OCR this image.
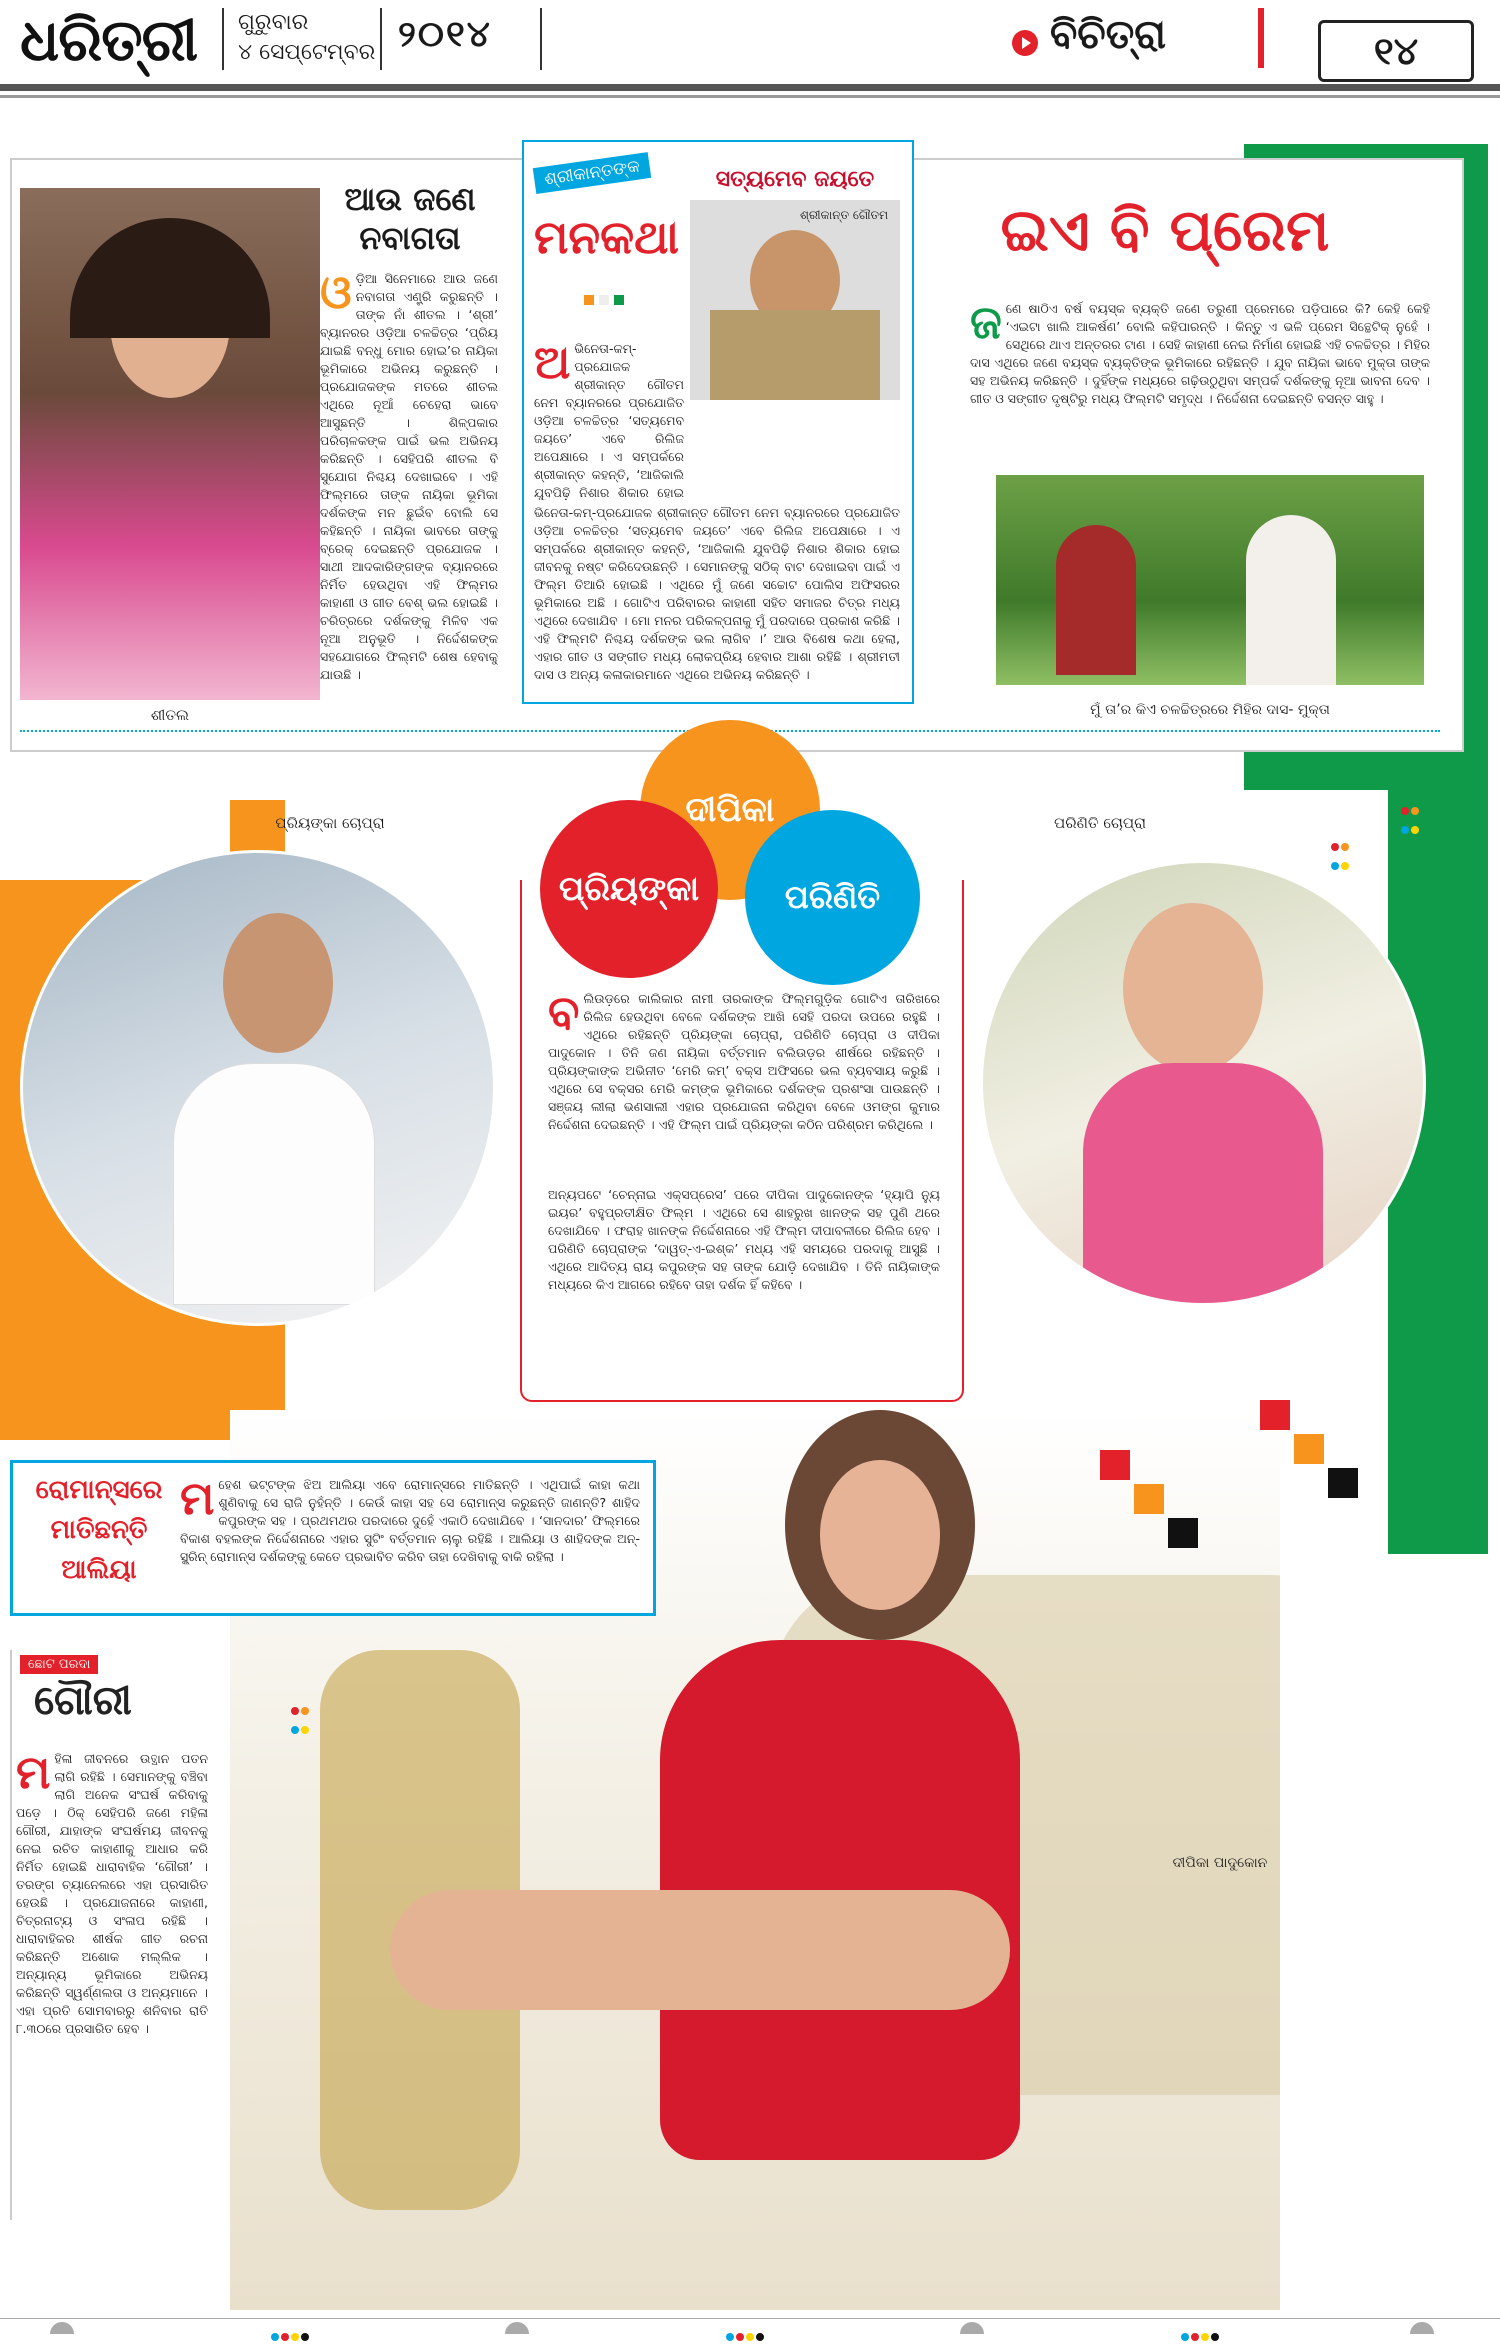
ଧରିତ୍ରୀ ଗୁରୁବାର
୪ ସେପ୍ଟେମ୍ବର ୨୦୧୪	ବିଚିତ୍ରା	୧୪
ଶୀତଲ
ଆଉ ଜଣେ
ନବାଗତା
ଓ ଡ଼ିଆ ସିନେମାରେ ଆଉ ଜଣେ ନବାଗତା ଏଣ୍ଟ୍ରି କରୁଛନ୍ତି । ତାଙ୍କ ନାଁ ଶୀତଲ । ‘ଶ୍ରୀ’ ବ୍ୟାନରର ଓଡ଼ିଆ ଚଳଚ୍ଚିତ୍ର ‘ପ୍ରିୟ ଯାଇଛି ବନ୍ଧୁ ମୋର ହୋଇ’ର ନାୟିକା ଭୂମିକାରେ ଅଭିନୟ କରୁଛନ୍ତି । ପ୍ରଯୋଜକଙ୍କ ମତରେ ଶୀତଲ ଏଥିରେ ନୂଆଁ ଚେହେରା ଭାବେ ଆସୁଛନ୍ତି । ଶିଳ୍ପକାର ପରିଚାଳକଙ୍କ ପାଇଁ ଭଲ ଅଭିନୟ କରିଛନ୍ତି । ସେହିପରି ଶୀତଲ ବି ସୁଯୋଗ ନିଶ୍ଚୟ ଦେଖାଇବେ । ଏହି ଫିଲ୍ମରେ ତାଙ୍କ ନାୟିକା ଭୂମିକା ଦର୍ଶକଙ୍କ ମନ ଛୁଇଁବ ବୋଲି ସେ କହିଛନ୍ତି । ନାୟିକା ଭାବରେ ତାଙ୍କୁ ବ୍ରେକ୍ ଦେଇଛନ୍ତି ପ୍ରଯୋଜକ । ସାଥୀ ଆଦକାରିଙ୍ଗଙ୍କ ବ୍ୟାନରରେ ନିର୍ମିତ ହେଉଥିବା ଏହି ଫିଲ୍ମର କାହାଣୀ ଓ ଗୀତ ବେଶ୍ ଭଲ ହୋଇଛି । ଚରିତ୍ରରେ ଦର୍ଶକଙ୍କୁ ମିଳିବ ଏକ ନୂଆ ଅନୁଭୂତି । ନିର୍ଦ୍ଦେଶକଙ୍କ ସହଯୋଗରେ ଫିଲ୍ମଟି ଶେଷ ହେବାକୁ ଯାଉଛି ।
ଶ୍ରୀକାନ୍ତଙ୍କ
ମନକଥା

ସତ୍ୟମେବ ଜୟତେ
ଶ୍ରୀକାନ୍ତ ଗୌତମ
ଅ ଭିନେତା-କମ୍-ପ୍ରଯୋଜକ ଶ୍ରୀକାନ୍ତ ଗୌତମ ନେମ ବ୍ୟାନରରେ ପ୍ରଯୋଜିତ ଓଡ଼ିଆ ଚଳଚ୍ଚିତ୍ର ‘ସତ୍ୟମେବ ଜୟତେ’ ଏବେ ରିଲିଜ ଅପେକ୍ଷାରେ । ଏ ସମ୍ପର୍କରେ ଶ୍ରୀକାନ୍ତ କହନ୍ତି, ‘ଆଜିକାଲି ଯୁବପିଢ଼ି ନିଶାର ଶିକାର ହୋଇ
ଭିନେତା-କମ୍-ପ୍ରଯୋଜକ ଶ୍ରୀକାନ୍ତ ଗୌତମ ନେମ ବ୍ୟାନରରେ ପ୍ରଯୋଜିତ ଓଡ଼ିଆ ଚଳଚ୍ଚିତ୍ର ‘ସତ୍ୟମେବ ଜୟତେ’ ଏବେ ରିଲିଜ ଅପେକ୍ଷାରେ । ଏ ସମ୍ପର୍କରେ ଶ୍ରୀକାନ୍ତ କହନ୍ତି, ‘ଆଜିକାଲି ଯୁବପିଢ଼ି ନିଶାର ଶିକାର ହୋଇ ଜୀବନକୁ ନଷ୍ଟ କରିଦେଉଛନ୍ତି । ସେମାନଙ୍କୁ ସଠିକ୍ ବାଟ ଦେଖାଇବା ପାଇଁ ଏ ଫିଲ୍ମ ତିଆରି ହୋଇଛି । ଏଥିରେ ମୁଁ ଜଣେ ସଚ୍ଚୋଟ ପୋଲିସ ଅଫିସରର ଭୂମିକାରେ ଅଛି । ଗୋଟିଏ ପରିବାରର କାହାଣୀ ସହିତ ସମାଜର ଚିତ୍ର ମଧ୍ୟ ଏଥିରେ ଦେଖାଯିବ । ମୋ ମନର ପରିକଳ୍ପନାକୁ ମୁଁ ପରଦାରେ ପ୍ରକାଶ କରିଛି । ଏହି ଫିଲ୍ମଟି ନିଶ୍ଚୟ ଦର୍ଶକଙ୍କ ଭଲ ଲାଗିବ ।’ ଆଉ ବିଶେଷ କଥା ହେଲା, ଏହାର ଗୀତ ଓ ସଙ୍ଗୀତ ମଧ୍ୟ ଲୋକପ୍ରିୟ ହେବାର ଆଶା ରହିଛି । ଶ୍ରୀମତୀ ଦାସ ଓ ଅନ୍ୟ କଳାକାରମାନେ ଏଥିରେ ଅଭିନୟ କରିଛନ୍ତି ।
ଇଏ ବି ପ୍ରେମ
ଜ ଣେ ଷାଠିଏ ବର୍ଷ ବୟସ୍କ ବ୍ୟକ୍ତି ଜଣେ ତରୁଣୀ ପ୍ରେମରେ ପଡ଼ିପାରେ କି? କେହି କେହି ‘ଏଇଟା ଖାଲି ଆକର୍ଷଣ’ ବୋଲି କହିପାରନ୍ତି । କିନ୍ତୁ ଏ ଭଳି ପ୍ରେମ ସିନ୍ଥେଟିକ୍ ନୁହେଁ । ସେଥିରେ ଥାଏ ଅନ୍ତରର ଟାଣ । ସେହି କାହାଣୀ ନେଇ ନିର୍ମାଣ ହୋଇଛି ଏହି ଚଳଚ୍ଚିତ୍ର । ମିହିର ଦାସ ଏଥିରେ ଜଣେ ବୟସ୍କ ବ୍ୟକ୍ତିଙ୍କ ଭୂମିକାରେ ରହିଛନ୍ତି । ଯୁବ ନାୟିକା ଭାବେ ମୁକ୍ତା ତାଙ୍କ ସହ ଅଭିନୟ କରିଛନ୍ତି । ଦୁହିଁଙ୍କ ମଧ୍ୟରେ ଗଢ଼ିଉଠୁଥିବା ସମ୍ପର୍କ ଦର୍ଶକଙ୍କୁ ନୂଆ ଭାବନା ଦେବ । ଗୀତ ଓ ସଙ୍ଗୀତ ଦୃଷ୍ଟିରୁ ମଧ୍ୟ ଫିଲ୍ମଟି ସମୃଦ୍ଧ । ନିର୍ଦ୍ଦେଶନା ଦେଇଛନ୍ତି ବସନ୍ତ ସାହୁ ।
ମୁଁ ତା’ର କିଏ ଚଳଚ୍ଚିତ୍ରରେ ମିହିର ଦାସ- ମୁକ୍ତା
ପ୍ରିୟଙ୍କା ଚୋପ୍ରା	ଦୀପିକା
ପ୍ରିୟଙ୍କା	ପରିଣିତି
ବ ଲିଉଡ଼ରେ କାଲିକାର ନାମୀ ତାରକାଙ୍କ ଫିଲ୍ମଗୁଡ଼ିକ ଗୋଟିଏ ତାରିଖରେ ରିଲିଜ ହେଉଥିବା ବେଳେ ଦର୍ଶକଙ୍କ ଆଖି ସେହି ପରଦା ଉପରେ ରହୁଛି । ଏଥିରେ ରହିଛନ୍ତି ପ୍ରିୟଙ୍କା ଚୋପ୍ରା, ପରିଣିତି ଚୋପ୍ରା ଓ ଦୀପିକା ପାଦୁକୋନ । ତିନି ଜଣ ନାୟିକା ବର୍ତ୍ତମାନ ବଲିଉଡ଼ର ଶୀର୍ଷରେ ରହିଛନ୍ତି । ପ୍ରିୟଙ୍କାଙ୍କ ଅଭିନୀତ ‘ମେରି କମ୍’ ବକ୍ସ ଅଫିସରେ ଭଲ ବ୍ୟବସାୟ କରୁଛି । ଏଥିରେ ସେ ବକ୍ସର ମେରି କମ୍ଙ୍କ ଭୂମିକାରେ ଦର୍ଶକଙ୍କ ପ୍ରଶଂସା ପାଉଛନ୍ତି । ସଞ୍ଜୟ ଲୀଲା ଭଣସାଲୀ ଏହାର ପ୍ରଯୋଜନା କରିଥିବା ବେଳେ ଓମଙ୍ଗ କୁମାର ନିର୍ଦ୍ଦେଶନା ଦେଇଛନ୍ତି । ଏହି ଫିଲ୍ମ ପାଇଁ ପ୍ରିୟଙ୍କା କଠିନ ପରିଶ୍ରମ କରିଥିଲେ ।
ଅନ୍ୟପଟେ ‘ଚେନ୍ନାଇ ଏକ୍ସପ୍ରେସ’ ପରେ ଦୀପିକା ପାଦୁକୋନଙ୍କ ‘ହ୍ୟାପି ନ୍ୟୁ ଇୟର’ ବହୁପ୍ରତୀକ୍ଷିତ ଫିଲ୍ମ । ଏଥିରେ ସେ ଶାହରୁଖ ଖାନଙ୍କ ସହ ପୁଣି ଥରେ ଦେଖାଯିବେ । ଫରାହ ଖାନଙ୍କ ନିର୍ଦ୍ଦେଶନାରେ ଏହି ଫିଲ୍ମ ଦୀପାବଳୀରେ ରିଲିଜ ହେବ । ପରିଣିତି ଚୋପ୍ରାଙ୍କ ‘ଦାୱତ୍-ଏ-ଇଶ୍କ’ ମଧ୍ୟ ଏହି ସମୟରେ ପରଦାକୁ ଆସୁଛି । ଏଥିରେ ଆଦିତ୍ୟ ରାୟ କପୁରଙ୍କ ସହ ତାଙ୍କ ଯୋଡ଼ି ଦେଖାଯିବ । ତିନି ନାୟିକାଙ୍କ ମଧ୍ୟରେ କିଏ ଆଗରେ ରହିବେ ତାହା ଦର୍ଶକ ହିଁ କହିବେ ।
ପରିଣିତି ଚୋପ୍ରା

ଦୀପିକା ପାଦୁକୋନ
ରୋମାନ୍ସରେ
ମାତିଛନ୍ତି
ଆଲିୟା
ମ ହେଶ ଭଟ୍ଟଙ୍କ ଝିଅ ଆଲିୟା ଏବେ ରୋମାନ୍ସରେ ମାତିଛନ୍ତି । ଏଥିପାଇଁ କାହା କଥା ଶୁଣିବାକୁ ସେ ରାଜି ନୁହଁନ୍ତି । କେଉଁ କାହା ସହ ସେ ରୋମାନ୍ସ କରୁଛନ୍ତି ଜାଣନ୍ତି? ଶାହିଦ କପୁରଙ୍କ ସହ । ପ୍ରଥମଥର ପରଦାରେ ଦୁହେଁ ଏକାଠି ଦେଖାଯିବେ । ‘ସାନଦାର’ ଫିଲ୍ମରେ ବିକାଶ ବହଲଙ୍କ ନିର୍ଦ୍ଦେଶନାରେ ଏହାର ସୁଟିଂ ବର୍ତ୍ତମାନ ଚାଲୁ ରହିଛି । ଆଲିୟା ଓ ଶାହିଦଙ୍କ ଅନ୍-ସ୍କ୍ରିନ୍ ରୋମାନ୍ସ ଦର୍ଶକଙ୍କୁ କେତେ ପ୍ରଭାବିତ କରିବ ତାହା ଦେଖିବାକୁ ବାକି ରହିଲା ।
ଛୋଟ ପରଦା
ଗୌରୀ

ମ ହିଳା ଜୀବନରେ ଉତ୍ଥାନ ପତନ ଲାଗି ରହିଛି । ସେମାନଙ୍କୁ ବଞ୍ଚିବା ଲାଗି ଅନେକ ସଂଘର୍ଷ କରିବାକୁ ପଡ଼େ । ଠିକ୍ ସେହିପରି ଜଣେ ମହିଳା ଗୌରୀ, ଯାହାଙ୍କ ସଂଘର୍ଷମୟ ଜୀବନକୁ ନେଇ ରଚିତ କାହାଣୀକୁ ଆଧାର କରି ନିର୍ମିତ ହୋଇଛି ଧାରାବାହିକ ‘ଗୌରୀ’ । ତରଙ୍ଗ ଚ୍ୟାନେଲରେ ଏହା ପ୍ରସାରିତ ହେଉଛି । ପ୍ରଯୋଜନାରେ କାହାଣୀ, ଚିତ୍ରନାଟ୍ୟ ଓ ସଂଳାପ ରହିଛି । ଧାରାବାହିକର ଶୀର୍ଷକ ଗୀତ ରଚନା କରିଛନ୍ତି ଅଶୋକ ମଲ୍ଲିକ । ଅନ୍ୟାନ୍ୟ ଭୂମିକାରେ ଅଭିନୟ କରିଛନ୍ତି ସ୍ୱର୍ଣ୍ଣଲତା ଓ ଅନ୍ୟମାନେ । ଏହା ପ୍ରତି ସୋମବାରରୁ ଶନିବାର ରାତି ୮.୩୦ରେ ପ୍ରସାରିତ ହେବ ।
